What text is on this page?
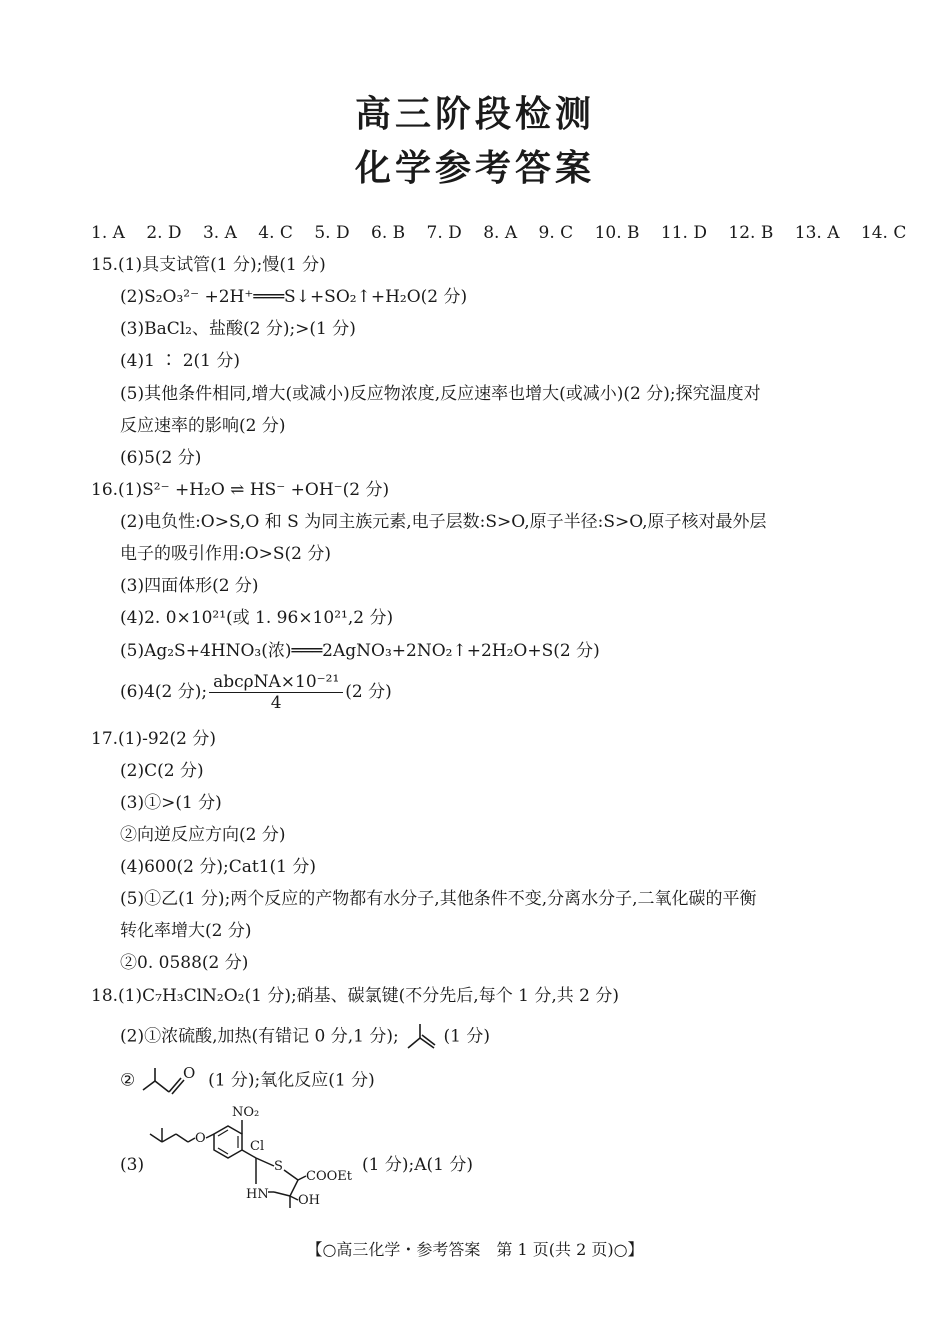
高三阶段检测
化学参考答案
1. A 2. D 3. A 4. C 5. D 6. B 7. D 8. A 9. C 10. B 11. D 12. B 13. A 14. C
15.(1)具支试管(1 分);慢(1 分)
(2)S₂O₃²⁻ +2H⁺═══S↓+SO₂↑+H₂O(2 分)
(3)BaCl₂、盐酸(2 分);>(1 分)
(4)1 ∶ 2(1 分)
(5)其他条件相同,增大(或减小)反应物浓度,反应速率也增大(或减小)(2 分);探究温度对
反应速率的影响(2 分)
(6)5(2 分)
16.(1)S²⁻ +H₂O ⇌ HS⁻ +OH⁻(2 分)
(2)电负性:O>S,O 和 S 为同主族元素,电子层数:S>O,原子半径:S>O,原子核对最外层
电子的吸引作用:O>S(2 分)
(3)四面体形(2 分)
(4)2. 0×10²¹(或 1. 96×10²¹,2 分)
(5)Ag₂S+4HNO₃(浓)═══2AgNO₃+2NO₂↑+2H₂O+S(2 分)
(6)4(2 分); $\frac{\text{abcρNA×10⁻²¹}}{4} (2$ 分)
17.(1)-92(2 分)
(2)C(2 分)
(3)①>(1 分)
②向逆反应方向(2 分)
(4)600(2 分);Cat1(1 分)
(5)①乙(1 分);两个反应的产物都有水分子,其他条件不变,分离水分子,二氧化碳的平衡
转化率增大(2 分)
②0. 0588(2 分)
18.(1)C₇H₃ClN₂O₂(1 分);硝基、碳氯键(不分先后,每个 1 分,共 2 分)
(2)①浓硫酸,加热(有错记 0 分,1 分);	(1 分)
②	O (1 分);氧化反应(1 分)
(3)
O
NO₂
Cl
S
HN
COOEt
OH
(1 分);A(1 分)
【○高三化学・参考答案　第 1 页(共 2 页)○】
